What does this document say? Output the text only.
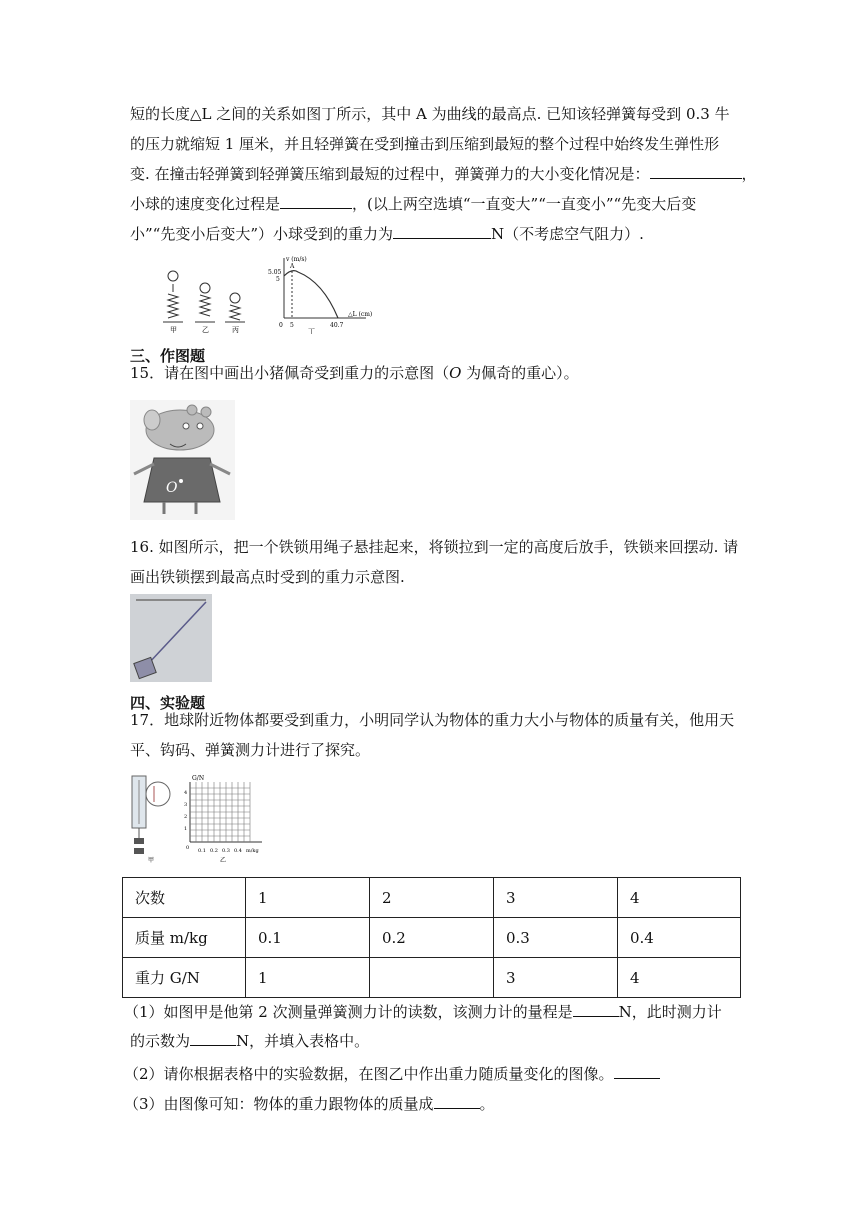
短的长度△L 之间的关系如图丁所示，其中 A 为曲线的最高点. 已知该轻弹簧每受到 0.3 牛
的压力就缩短 1 厘米，并且轻弹簧在受到撞击到压缩到最短的整个过程中始终发生弹性形
变. 在撞击轻弹簧到轻弹簧压缩到最短的过程中，弹簧弹力的大小变化情况是：	，
小球的速度变化过程是	，(以上两空选填“一直变大”“一直变小”“先变大后变
小”“先变小后变大”）小球受到的重力为	N（不考虑空气阻力）.
甲	乙	丙
v (m/s)
△L (cm)
5.05
5
0 5	40.7
A
丁
三、作图题
15．请在图中画出小猪佩奇受到重力的示意图（O 为佩奇的重心）。
O
16. 如图所示，把一个铁锁用绳子悬挂起来，将锁拉到一定的高度后放手，铁锁来回摆动. 请
画出铁锁摆到最高点时受到的重力示意图.
四、实验题
17．地球附近物体都要受到重力，小明同学认为物体的重力大小与物体的质量有关，他用天
平、钩码、弹簧测力计进行了探究。
甲
G/N
1
2
3
4
0 0.1 0.2 0.3 0.4 m/kg
乙
次数	1	2	3	4
质量 m/kg	0.1	0.2	0.3	0.4
重力 G/N	1		3	4
（1）如图甲是他第 2 次测量弹簧测力计的读数，该测力计的量程是	N，此时测力计
的示数为	N，并填入表格中。
（2）请你根据表格中的实验数据，在图乙中作出重力随质量变化的图像。
（3）由图像可知：物体的重力跟物体的质量成	。
